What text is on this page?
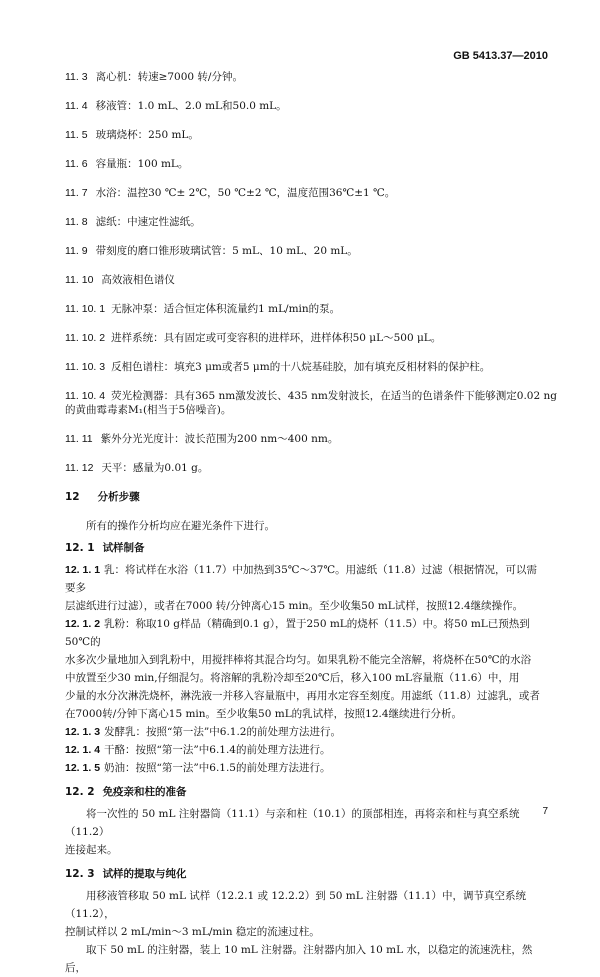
GB 5413.37—2010

11. 3 离心机：转速≥7000 转/分钟。

11. 4 移液管：1.0 mL、2.0 mL和50.0 mL。

11. 5 玻璃烧杯：250 mL。

11. 6 容量瓶：100 mL。

11. 7 水浴：温控30 ℃± 2℃，50 ℃±2 ℃，温度范围36℃±1 ℃。

11. 8 滤纸：中速定性滤纸。

11. 9 带刻度的磨口锥形玻璃试管：5 mL、10 mL、20 mL。

11. 10 高效液相色谱仪

11. 10. 1 无脉冲泵：适合恒定体积流量约1 mL/min的泵。

11. 10. 2 进样系统：具有固定或可变容积的进样环，进样体积50 μL～500 μL。

11. 10. 3 反相色谱柱：填充3 μm或者5 μm的十八烷基硅胶，加有填充反相材料的保护柱。

11. 10. 4 荧光检测器：具有365 nm激发波长、435 nm发射波长，在适当的色谱条件下能够测定0.02 ng

的黄曲霉毒素M₁(相当于5倍噪音)。

11. 11 紫外分光光度计：波长范围为200 nm～400 nm。

11. 12 天平：感量为0.01 g。

12 分析步骤

所有的操作分析均应在避光条件下进行。

12. 1 试样制备

12. 1. 1 乳：将试样在水浴（11.7）中加热到35℃～37℃。用滤纸（11.8）过滤（根据情况，可以需要多

层滤纸进行过滤），或者在7000 转/分钟离心15 min。至少收集50 mL试样，按照12.4继续操作。

12. 1. 2 乳粉：称取10 g样品（精确到0.1 g），置于250 mL的烧杯（11.5）中。将50 mL已预热到50℃的

水多次少量地加入到乳粉中，用搅拌棒将其混合均匀。如果乳粉不能完全溶解，将烧杯在50℃的水浴

中放置至少30 min,仔细混匀。将溶解的乳粉冷却至20℃后，移入100 mL容量瓶（11.6）中，用

少量的水分次淋洗烧杯，淋洗液一并移入容量瓶中，再用水定容至刻度。用滤纸（11.8）过滤乳，或者

在7000转/分钟下离心15 min。至少收集50 mL的乳试样，按照12.4继续进行分析。

12. 1. 3 发酵乳：按照“第一法”中6.1.2的前处理方法进行。

12. 1. 4 干酪：按照“第一法”中6.1.4的前处理方法进行。

12. 1. 5 奶油：按照“第一法”中6.1.5的前处理方法进行。

12. 2 免疫亲和柱的准备

将一次性的 50 mL 注射器筒（11.1）与亲和柱（10.1）的顶部相连，再将亲和柱与真空系统（11.2）

连接起来。

12. 3 试样的提取与纯化

用移液管移取 50 mL 试样（12.2.1 或 12.2.2）到 50 mL 注射器（11.1）中，调节真空系统（11.2），

控制试样以 2 mL/min～3 mL/min 稳定的流速过柱。

取下 50 mL 的注射器，装上 10 mL 注射器。注射器内加入 10 mL 水，以稳定的流速洗柱，然后，

7
